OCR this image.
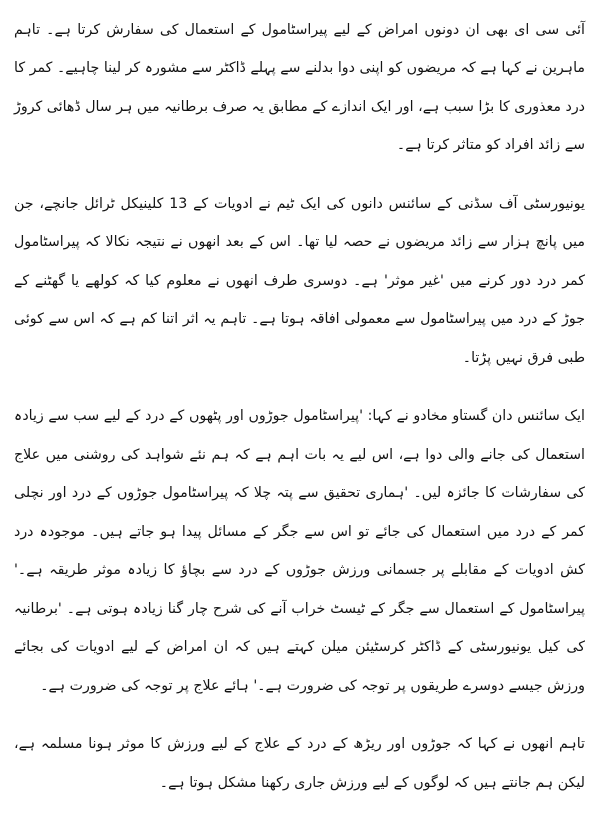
آئی سی ای بھی ان دونوں امراض کے لیے پیراسٹامول کے استعمال کی سفارش کرتا ہے۔ تاہم ماہرین نے کہا ہے کہ مریضوں کو اپنی دوا بدلنے سے پہلے ڈاکٹر سے مشورہ کر لینا چاہیے۔ کمر کا درد معذوری کا بڑا سبب ہے، اور ایک اندازے کے مطابق یہ صرف برطانیہ میں ہر سال ڈھائی کروڑ سے زائد افراد کو متاثر کرتا ہے۔

یونیورسٹی آف سڈنی کے سائنس دانوں کی ایک ٹیم نے ادویات کے 13 کلینیکل ٹرائل جانچے، جن میں پانچ ہزار سے زائد مریضوں نے حصہ لیا تھا۔ اس کے بعد انھوں نے نتیجہ نکالا کہ پیراسٹامول کمر درد دور کرنے میں 'غیر موثر' ہے۔ دوسری طرف انھوں نے معلوم کیا کہ کولھے یا گھٹنے کے جوڑ کے درد میں پیراسٹامول سے معمولی افاقہ ہوتا ہے۔ تاہم یہ اثر اتنا کم ہے کہ اس سے کوئی طبی فرق نہیں پڑتا۔

ایک سائنس دان گستاو مخادو نے کہا: 'پیراسٹامول جوڑوں اور پٹھوں کے درد کے لیے سب سے زیادہ استعمال کی جانے والی دوا ہے، اس لیے یہ بات اہم ہے کہ ہم نئے شواہد کی روشنی میں علاج کی سفارشات کا جائزہ لیں۔ 'ہماری تحقیق سے پتہ چلا کہ پیراسٹامول جوڑوں کے درد اور نچلی کمر کے درد میں استعمال کی جائے تو اس سے جگر کے مسائل پیدا ہو جاتے ہیں۔ موجودہ درد کش ادویات کے مقابلے پر جسمانی ورزش جوڑوں کے درد سے بچاؤ کا زیادہ موثر طریقہ ہے۔' پیراسٹامول کے استعمال سے جگر کے ٹیسٹ خراب آنے کی شرح چار گنا زیادہ ہوتی ہے۔ 'برطانیہ کی کیل یونیورسٹی کے ڈاکٹر کرسٹیئن میلن کہتے ہیں کہ ان امراض کے لیے ادویات کی بجائے ورزش جیسے دوسرے طریقوں پر توجہ کی ضرورت ہے۔' ہائے علاج پر توجہ کی ضرورت ہے۔

تاہم انھوں نے کہا کہ جوڑوں اور ریڑھ کے درد کے علاج کے لیے ورزش کا موثر ہونا مسلمہ ہے، لیکن ہم جانتے ہیں کہ لوگوں کے لیے ورزش جاری رکھنا مشکل ہوتا ہے۔
